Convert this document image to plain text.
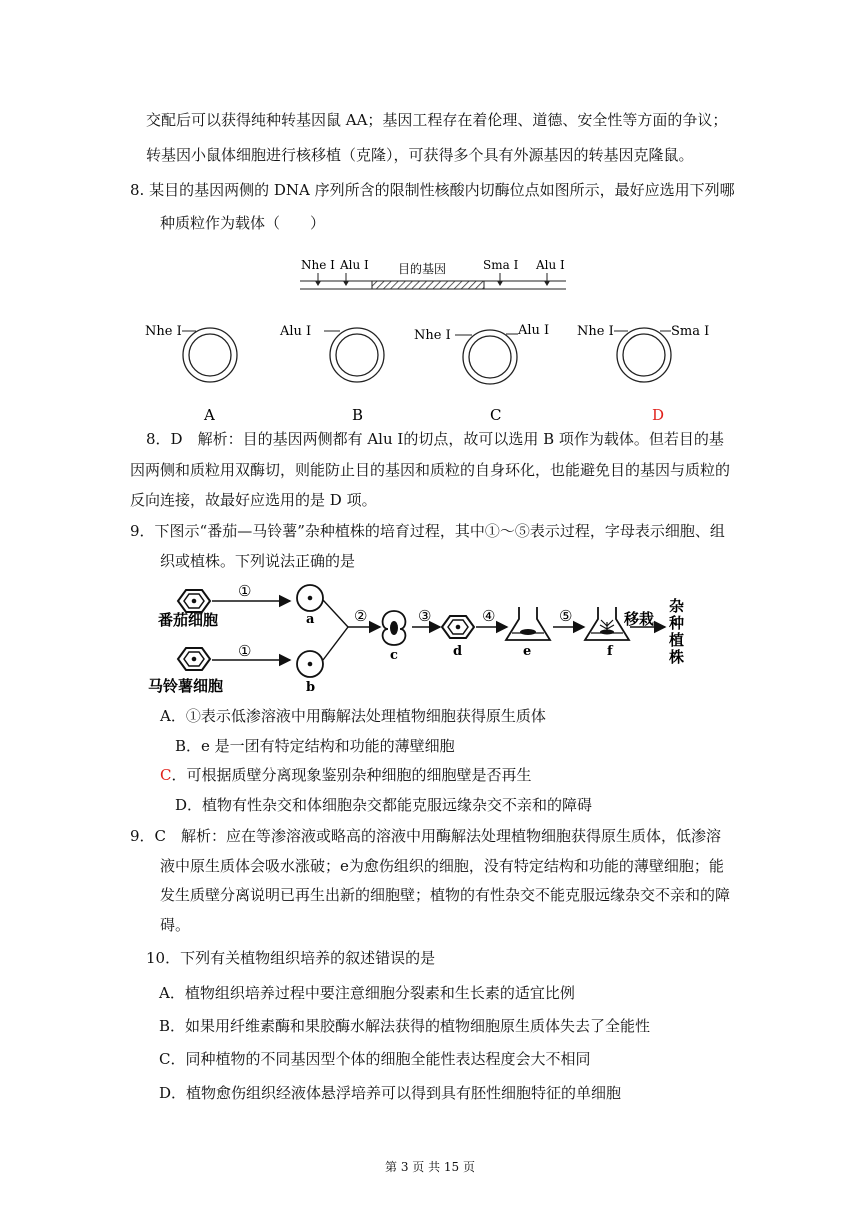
交配后可以获得纯种转基因鼠 AA；基因工程存在着伦理、道德、安全性等方面的争议；
转基因小鼠体细胞进行核移植（克隆），可获得多个具有外源基因的转基因克隆鼠。
8. 某目的基因两侧的 DNA 序列所含的限制性核酸内切酶位点如图所示，最好应选用下列哪
种质粒作为载体（　　）
目的基因
Nhe Ⅰ Alu Ⅰ	Sma Ⅰ Alu Ⅰ
Nhe Ⅰ	Alu Ⅰ	Nhe Ⅰ	Alu Ⅰ Nhe Ⅰ	Sma Ⅰ
A	B	C	D
8．D　解析：目的基因两侧都有 Alu Ⅰ的切点，故可以选用 B 项作为载体。但若目的基
因两侧和质粒用双酶切，则能防止目的基因和质粒的自身环化，也能避免目的基因与质粒的
反向连接，故最好应选用的是 D 项。
9．下图示“番茄—马铃薯”杂种植株的培育过程，其中①～⑤表示过程，字母表示细胞、组
织或植株。下列说法正确的是
番茄细胞
①
a
马铃薯细胞
①
b
②
c
③
d
④
e
⑤
f
移栽
杂
种
植
株
A．①表示低渗溶液中用酶解法处理植物细胞获得原生质体
B．e 是一团有特定结构和功能的薄壁细胞
C．可根据质壁分离现象鉴别杂种细胞的细胞壁是否再生
D．植物有性杂交和体细胞杂交都能克服远缘杂交不亲和的障碍
9．C　解析：应在等渗溶液或略高的溶液中用酶解法处理植物细胞获得原生质体，低渗溶
液中原生质体会吸水涨破；e为愈伤组织的细胞，没有特定结构和功能的薄壁细胞；能
发生质壁分离说明已再生出新的细胞壁；植物的有性杂交不能克服远缘杂交不亲和的障
碍。
10．下列有关植物组织培养的叙述错误的是
A．植物组织培养过程中要注意细胞分裂素和生长素的适宜比例
B．如果用纤维素酶和果胶酶水解法获得的植物细胞原生质体失去了全能性
C．同种植物的不同基因型个体的细胞全能性表达程度会大不相同
D．植物愈伤组织经液体悬浮培养可以得到具有胚性细胞特征的单细胞
第 3 页 共 15 页
